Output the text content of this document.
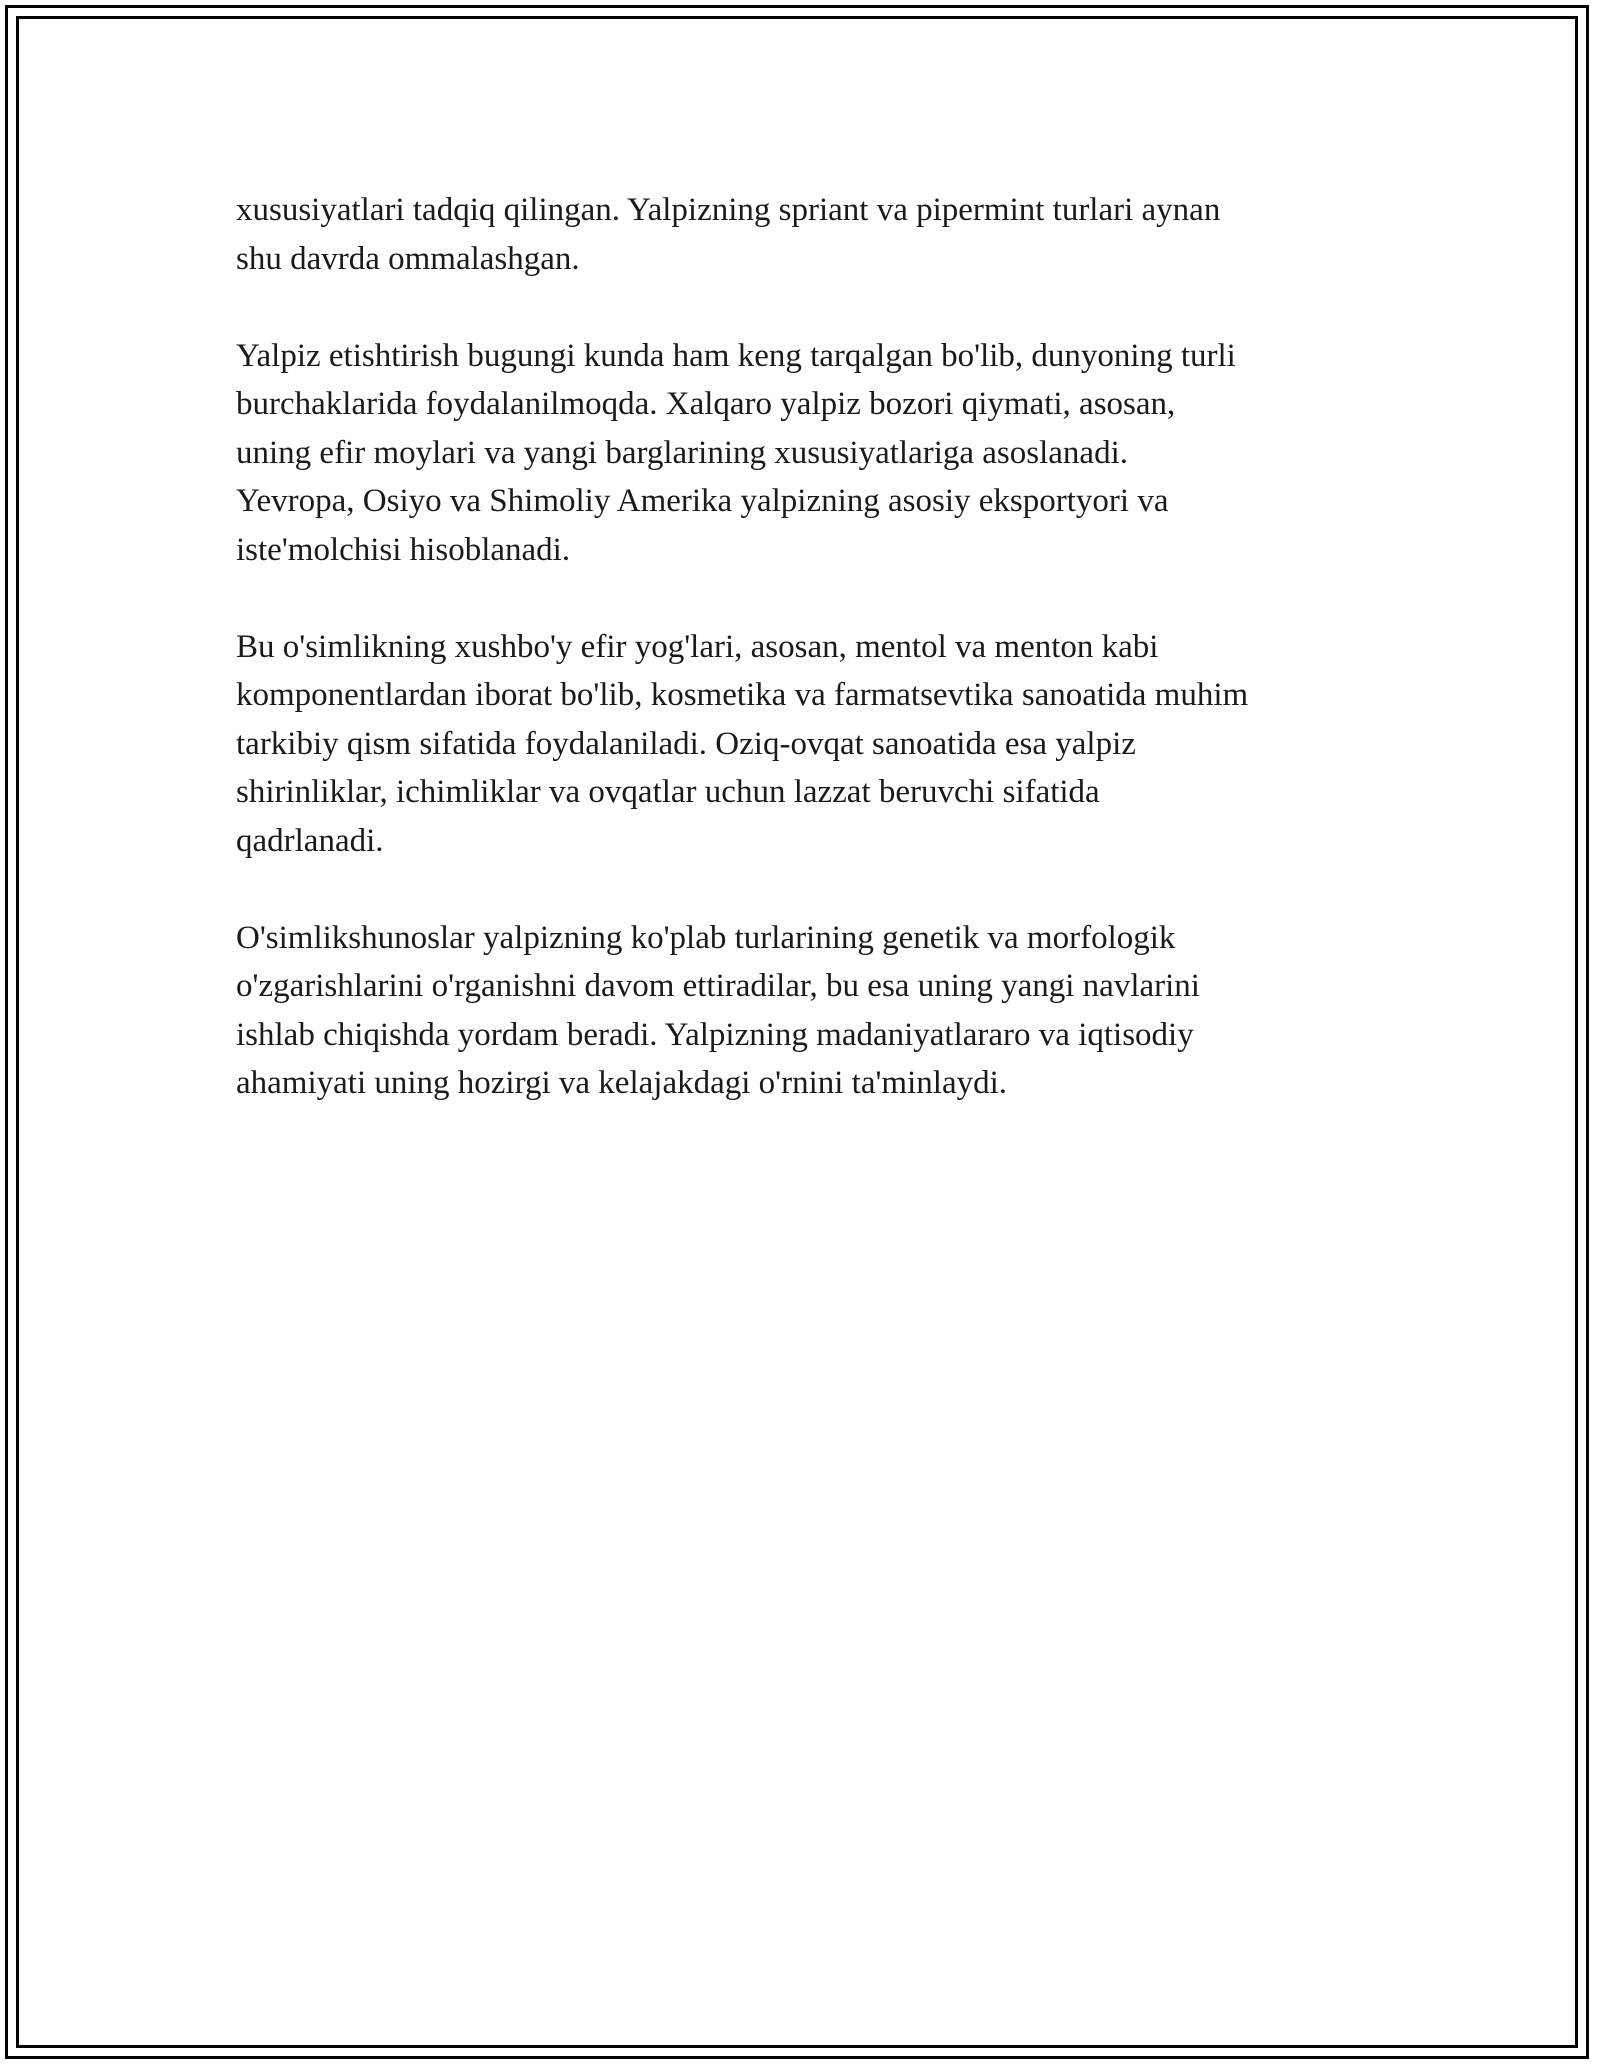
xususiyatlari tadqiq qilingan. Yalpizning spriant va pipermint turlari aynan
shu davrda ommalashgan.

Yalpiz etishtirish bugungi kunda ham keng tarqalgan bo'lib, dunyoning turli
burchaklarida foydalanilmoqda. Xalqaro yalpiz bozori qiymati, asosan,
uning efir moylari va yangi barglarining xususiyatlariga asoslanadi.
Yevropa, Osiyo va Shimoliy Amerika yalpizning asosiy eksportyori va
iste'molchisi hisoblanadi.

Bu o'simlikning xushbo'y efir yog'lari, asosan, mentol va menton kabi
komponentlardan iborat bo'lib, kosmetika va farmatsevtika sanoatida muhim
tarkibiy qism sifatida foydalaniladi. Oziq-ovqat sanoatida esa yalpiz
shirinliklar, ichimliklar va ovqatlar uchun lazzat beruvchi sifatida
qadrlanadi.

O'simlikshunoslar yalpizning ko'plab turlarining genetik va morfologik
o'zgarishlarini o'rganishni davom ettiradilar, bu esa uning yangi navlarini
ishlab chiqishda yordam beradi. Yalpizning madaniyatlararo va iqtisodiy
ahamiyati uning hozirgi va kelajakdagi o'rnini ta'minlaydi.
